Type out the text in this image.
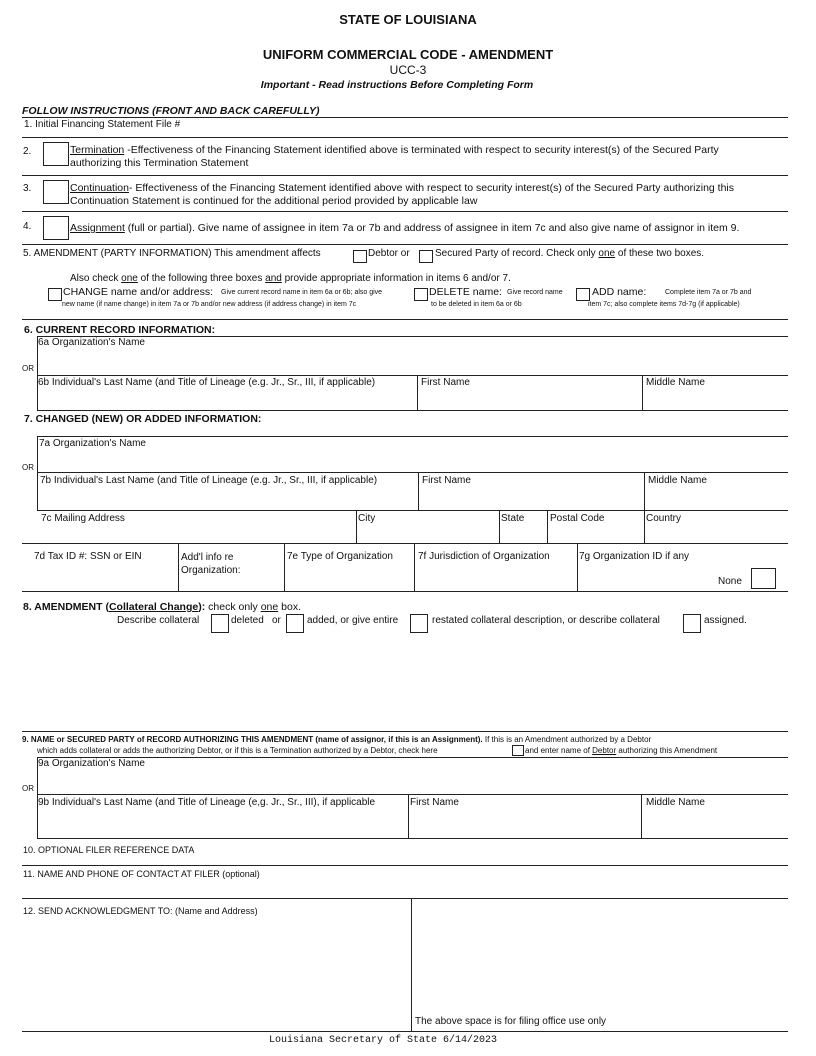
STATE OF LOUISIANA
UNIFORM COMMERCIAL CODE - AMENDMENT
UCC-3
Important - Read instructions Before Completing Form
FOLLOW INSTRUCTIONS (FRONT AND BACK CAREFULLY)
1. Initial Financing Statement File #
2.	Termination -Effectiveness of the Financing Statement identified above is terminated with respect to security interest(s) of the Secured Party
authorizing this Termination Statement
3.	Continuation- Effectiveness of the Financing Statement identified above with respect to security interest(s) of the Secured Party authorizing this
Continuation Statement is continued for the additional period provided by applicable law
4.	Assignment (full or partial). Give name of assignee in item 7a or 7b and address of assignee in item 7c and also give name of assignor in item 9.
5. AMENDMENT (PARTY INFORMATION) This amendment affects	Debtor or	Secured Party of record. Check only one of these two boxes.
Also check one of the following three boxes and provide appropriate information in items 6 and/or 7.
CHANGE name and/or address: Give current record name in item 6a or 6b; also give
new name (if name change) in item 7a or 7b and/or new address (if address change) in item 7c
DELETE name: Give record name
to be deleted in item 6a or 6b
ADD name:	Complete item 7a or 7b and
item 7c; also complete items 7d-7g (if applicable)
6. CURRENT RECORD INFORMATION:
6a Organization's Name
OR
6b Individual's Last Name (and Title of Lineage (e.g. Jr., Sr., III, if applicable)	First Name	Middle Name
7. CHANGED (NEW) OR ADDED INFORMATION:
7a Organization's Name
OR
7b Individual's Last Name (and Title of Lineage (e.g. Jr., Sr., III, if applicable)	First Name	Middle Name
7c Mailing Address	City	State	Postal Code	Country
7d Tax ID #: SSN or EIN	Add'l info re
Organization:
7e Type of Organization	7f Jurisdiction of Organization	7g Organization ID if any
None
8. AMENDMENT (Collateral Change): check only one box.
Describe collateral	deleted or	added, or give entire	restated collateral description, or describe collateral	assigned.
9. NAME or SECURED PARTY of RECORD AUTHORIZING THIS AMENDMENT (name of assignor, if this is an Assignment). If this is an Amendment authorized by a Debtor
which adds collateral or adds the authorizing Debtor, or if this is a Termination authorized by a Debtor, check here	and enter name of Debtor authorizing this Amendment
9a Organization's Name
OR
9b Individual's Last Name (and Title of Lineage (e,g. Jr., Sr., III), if applicable	First Name	Middle Name
10. OPTIONAL FILER REFERENCE DATA
11. NAME AND PHONE OF CONTACT AT FILER (optional)
12. SEND ACKNOWLEDGMENT TO: (Name and Address)
The above space is for filing office use only
Louisiana Secretary of State 6/14/2023
